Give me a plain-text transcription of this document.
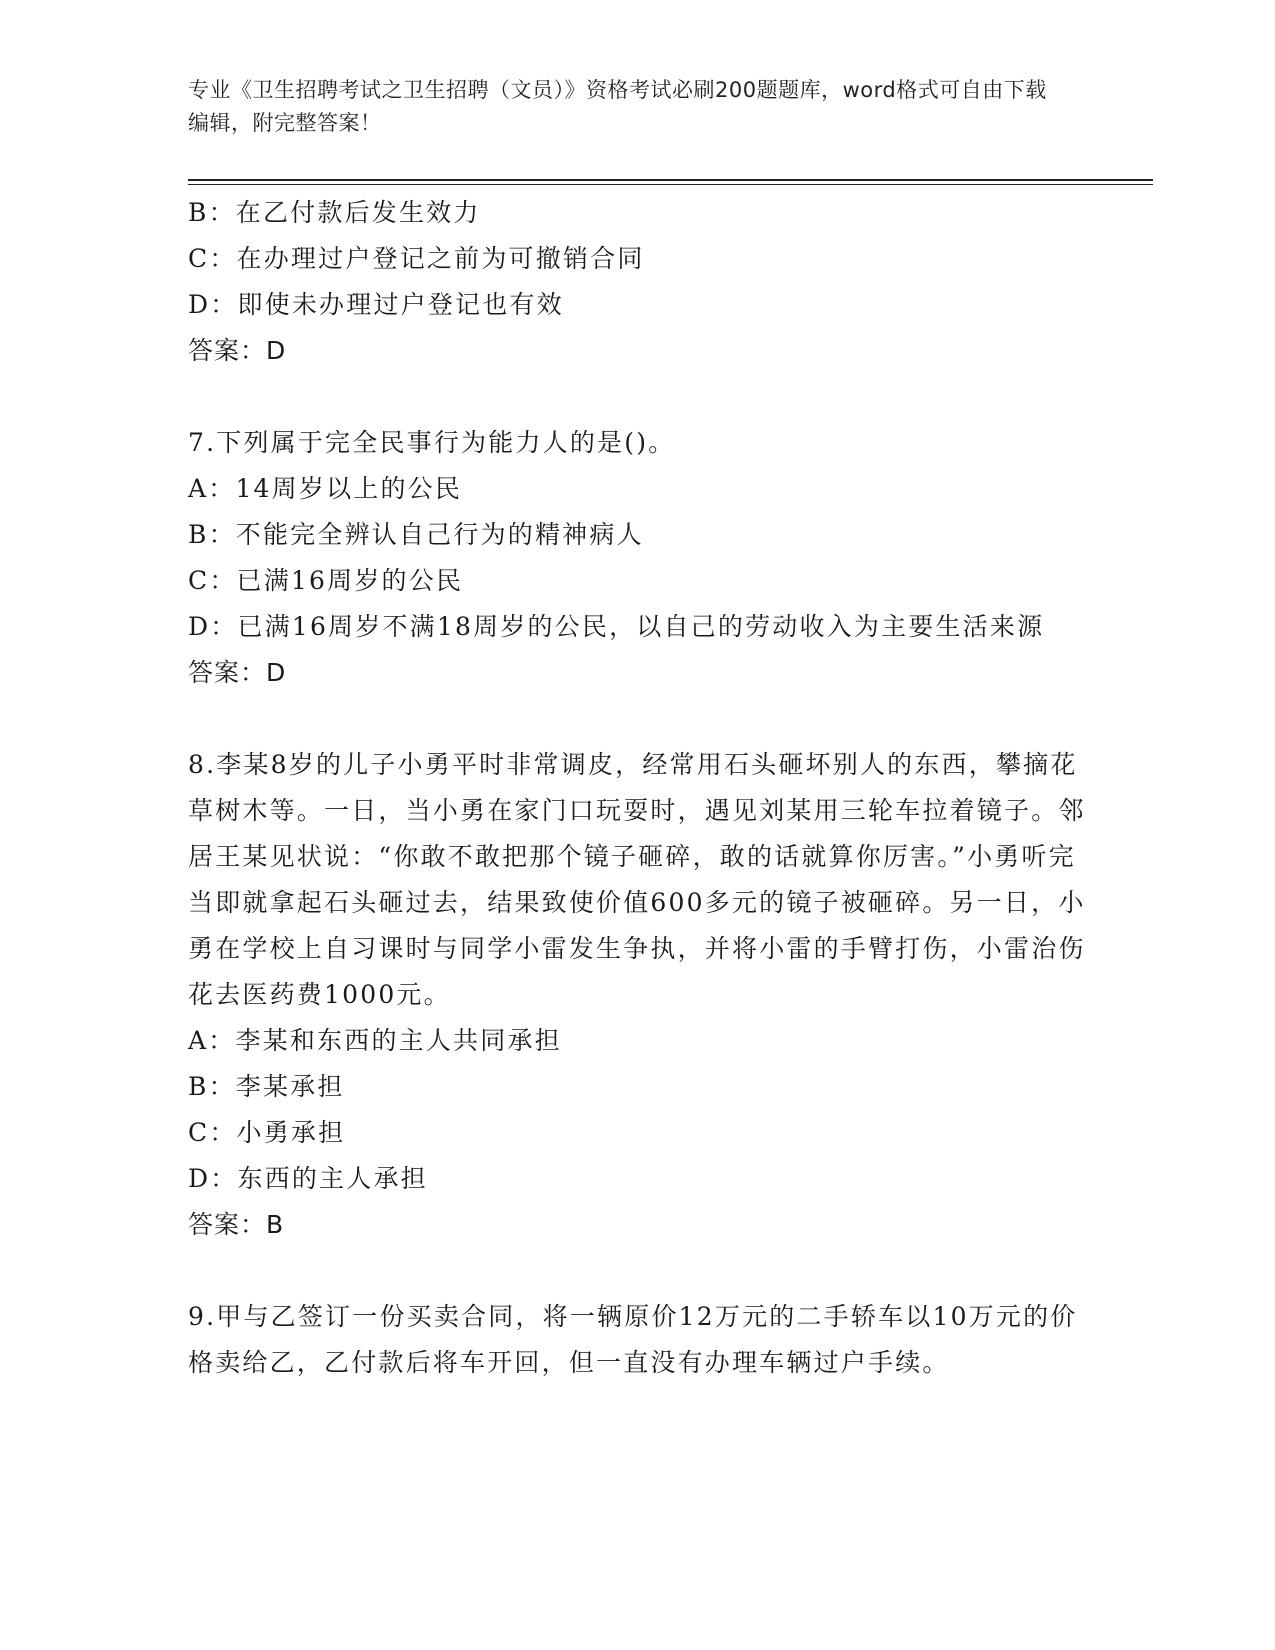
专业《卫生招聘考试之卫生招聘（文员）》资格考试必刷200题题库，word格式可自由下载编辑，附完整答案！
B：在乙付款后发生效力
C：在办理过户登记之前为可撤销合同
D：即使未办理过户登记也有效
答案：D
7.下列属于完全民事行为能力人的是()。
A：14周岁以上的公民
B：不能完全辨认自己行为的精神病人
C：已满16周岁的公民
D：已满16周岁不满18周岁的公民，以自己的劳动收入为主要生活来源
答案：D
8.李某8岁的儿子小勇平时非常调皮，经常用石头砸坏别人的东西，攀摘花草树木等。一日，当小勇在家门口玩耍时，遇见刘某用三轮车拉着镜子。邻居王某见状说：“你敢不敢把那个镜子砸碎，敢的话就算你厉害。”小勇听完当即就拿起石头砸过去，结果致使价值600多元的镜子被砸碎。另一日，小勇在学校上自习课时与同学小雷发生争执，并将小雷的手臂打伤，小雷治伤花去医药费1000元。
A：李某和东西的主人共同承担
B：李某承担
C：小勇承担
D：东西的主人承担
答案：B
9.甲与乙签订一份买卖合同，将一辆原价12万元的二手轿车以10万元的价格卖给乙，乙付款后将车开回，但一直没有办理车辆过户手续。
